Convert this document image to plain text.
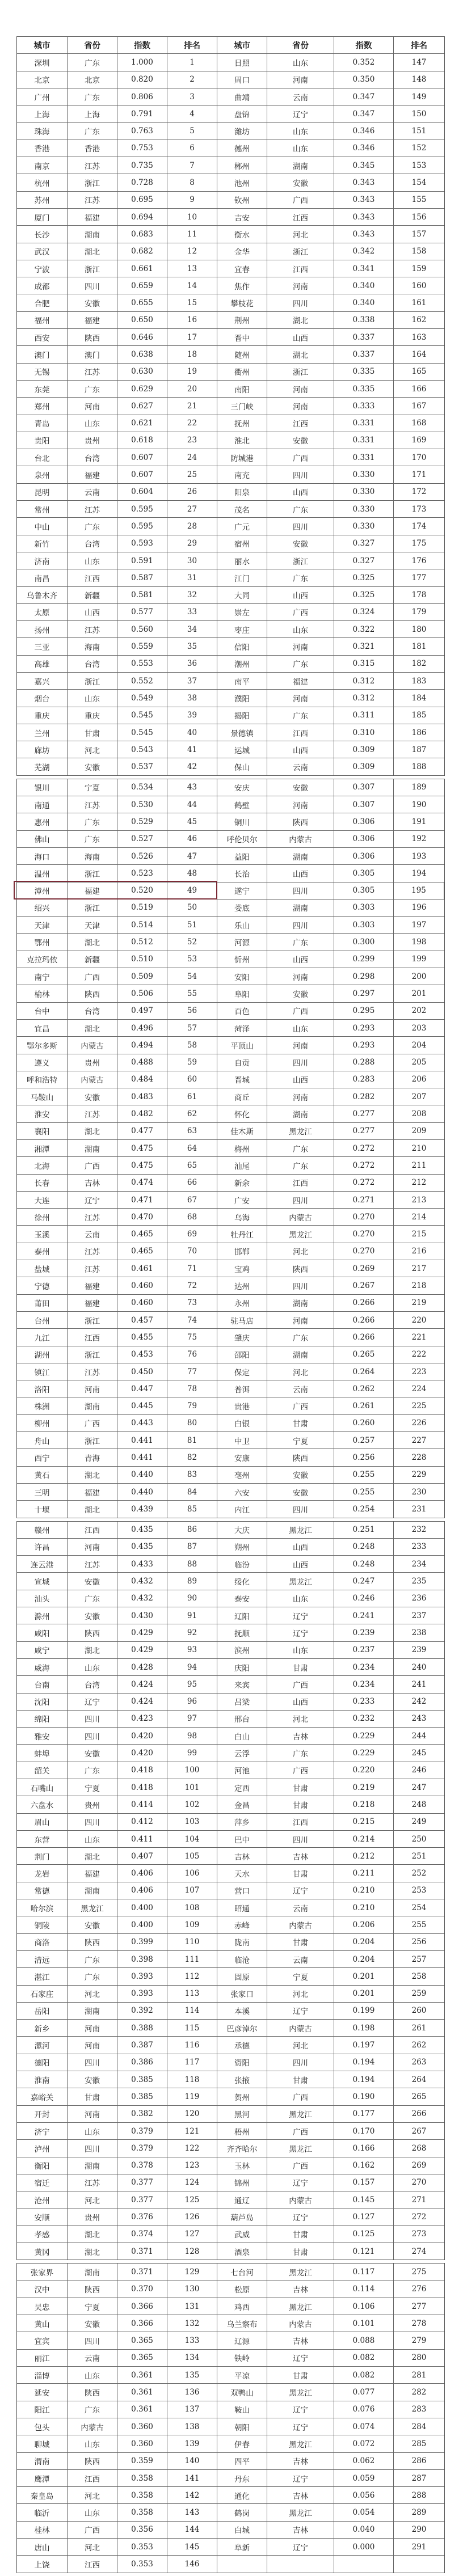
城市	省份	指数	排名	城市	省份	指数	排名
深圳	广东	1.000	1	日照	山东	0.352	147
北京	北京	0.820	2	周口	河南	0.350	148
广州	广东	0.806	3	曲靖	云南	0.347	149
上海	上海	0.791	4	盘锦	辽宁	0.347	150
珠海	广东	0.763	5	潍坊	山东	0.346	151
香港	香港	0.753	6	德州	山东	0.346	152
南京	江苏	0.735	7	郴州	湖南	0.345	153
杭州	浙江	0.728	8	池州	安徽	0.343	154
苏州	江苏	0.695	9	钦州	广西	0.343	155
厦门	福建	0.694	10	吉安	江西	0.343	156
长沙	湖南	0.683	11	衡水	河北	0.343	157
武汉	湖北	0.682	12	金华	浙江	0.342	158
宁波	浙江	0.661	13	宜春	江西	0.341	159
成都	四川	0.659	14	焦作	河南	0.340	160
合肥	安徽	0.655	15	攀枝花	四川	0.340	161
福州	福建	0.650	16	荆州	湖北	0.338	162
西安	陕西	0.646	17	晋中	山西	0.337	163
澳门	澳门	0.638	18	随州	湖北	0.337	164
无锡	江苏	0.630	19	衢州	浙江	0.335	165
东莞	广东	0.629	20	南阳	河南	0.335	166
郑州	河南	0.627	21	三门峡	河南	0.333	167
青岛	山东	0.621	22	抚州	江西	0.331	168
贵阳	贵州	0.618	23	淮北	安徽	0.331	169
台北	台湾	0.607	24	防城港	广西	0.331	170
泉州	福建	0.607	25	南充	四川	0.330	171
昆明	云南	0.604	26	阳泉	山西	0.330	172
常州	江苏	0.595	27	茂名	广东	0.330	173
中山	广东	0.595	28	广元	四川	0.330	174
新竹	台湾	0.593	29	宿州	安徽	0.327	175
济南	山东	0.591	30	丽水	浙江	0.327	176
南昌	江西	0.587	31	江门	广东	0.325	177
乌鲁木齐	新疆	0.581	32	大同	山西	0.325	178
太原	山西	0.577	33	崇左	广西	0.324	179
扬州	江苏	0.560	34	枣庄	山东	0.322	180
三亚	海南	0.559	35	信阳	河南	0.321	181
高雄	台湾	0.553	36	潮州	广东	0.315	182
嘉兴	浙江	0.552	37	南平	福建	0.312	183
烟台	山东	0.549	38	濮阳	河南	0.312	184
重庆	重庆	0.545	39	揭阳	广东	0.311	185
兰州	甘肃	0.545	40	景德镇	江西	0.310	186
廊坊	河北	0.543	41	运城	山西	0.309	187
芜湖	安徽	0.537	42	保山	云南	0.309	188
银川	宁夏	0.534	43	安庆	安徽	0.307	189
南通	江苏	0.530	44	鹤壁	河南	0.307	190
惠州	广东	0.529	45	铜川	陕西	0.306	191
佛山	广东	0.527	46	呼伦贝尔	内蒙古	0.306	192
海口	海南	0.526	47	益阳	湖南	0.306	193
温州	浙江	0.523	48	长治	山西	0.305	194
漳州	福建	0.520	49	遂宁	四川	0.305	195
绍兴	浙江	0.519	50	娄底	湖南	0.303	196
天津	天津	0.514	51	乐山	四川	0.303	197
鄂州	湖北	0.512	52	河源	广东	0.300	198
克拉玛依	新疆	0.510	53	忻州	山西	0.299	199
南宁	广西	0.509	54	安阳	河南	0.298	200
榆林	陕西	0.506	55	阜阳	安徽	0.297	201
台中	台湾	0.497	56	百色	广西	0.295	202
宜昌	湖北	0.496	57	菏泽	山东	0.293	203
鄂尔多斯	内蒙古	0.494	58	平顶山	河南	0.293	204
遵义	贵州	0.488	59	自贡	四川	0.288	205
呼和浩特	内蒙古	0.484	60	晋城	山西	0.283	206
马鞍山	安徽	0.483	61	商丘	河南	0.282	207
淮安	江苏	0.482	62	怀化	湖南	0.277	208
襄阳	湖北	0.477	63	佳木斯	黑龙江	0.277	209
湘潭	湖南	0.475	64	梅州	广东	0.272	210
北海	广西	0.475	65	汕尾	广东	0.272	211
长春	吉林	0.474	66	新余	江西	0.272	212
大连	辽宁	0.471	67	广安	四川	0.271	213
徐州	江苏	0.470	68	乌海	内蒙古	0.270	214
玉溪	云南	0.465	69	牡丹江	黑龙江	0.270	215
泰州	江苏	0.465	70	邯郸	河北	0.270	216
盐城	江苏	0.461	71	宝鸡	陕西	0.269	217
宁德	福建	0.460	72	达州	四川	0.267	218
莆田	福建	0.460	73	永州	湖南	0.266	219
台州	浙江	0.457	74	驻马店	河南	0.266	220
九江	江西	0.455	75	肇庆	广东	0.266	221
湖州	浙江	0.453	76	邵阳	湖南	0.265	222
镇江	江苏	0.450	77	保定	河北	0.264	223
洛阳	河南	0.447	78	普洱	云南	0.262	224
株洲	湖南	0.445	79	贵港	广西	0.261	225
柳州	广西	0.443	80	白银	甘肃	0.260	226
舟山	浙江	0.441	81	中卫	宁夏	0.257	227
西宁	青海	0.441	82	安康	陕西	0.256	228
黄石	湖北	0.440	83	亳州	安徽	0.255	229
三明	福建	0.440	84	六安	安徽	0.255	230
十堰	湖北	0.439	85	内江	四川	0.254	231
赣州	江西	0.435	86	大庆	黑龙江	0.251	232
许昌	河南	0.435	87	朔州	山西	0.248	233
连云港	江苏	0.433	88	临汾	山西	0.248	234
宣城	安徽	0.432	89	绥化	黑龙江	0.247	235
汕头	广东	0.432	90	泰安	山东	0.246	236
滁州	安徽	0.430	91	辽阳	辽宁	0.241	237
咸阳	陕西	0.429	92	抚顺	辽宁	0.239	238
咸宁	湖北	0.429	93	滨州	山东	0.237	239
威海	山东	0.428	94	庆阳	甘肃	0.234	240
台南	台湾	0.424	95	来宾	广西	0.234	241
沈阳	辽宁	0.424	96	吕梁	山西	0.233	242
绵阳	四川	0.423	97	邢台	河北	0.232	243
雅安	四川	0.420	98	白山	吉林	0.229	244
蚌埠	安徽	0.420	99	云浮	广东	0.229	245
韶关	广东	0.418	100	河池	广西	0.220	246
石嘴山	宁夏	0.418	101	定西	甘肃	0.219	247
六盘水	贵州	0.414	102	金昌	甘肃	0.218	248
眉山	四川	0.412	103	萍乡	江西	0.215	249
东营	山东	0.411	104	巴中	四川	0.214	250
荆门	湖北	0.407	105	吉林	吉林	0.212	251
龙岩	福建	0.406	106	天水	甘肃	0.211	252
常德	湖南	0.406	107	营口	辽宁	0.210	253
哈尔滨	黑龙江	0.400	108	昭通	云南	0.210	254
铜陵	安徽	0.400	109	赤峰	内蒙古	0.206	255
商洛	陕西	0.399	110	陇南	甘肃	0.204	256
清远	广东	0.398	111	临沧	云南	0.204	257
湛江	广东	0.393	112	固原	宁夏	0.201	258
石家庄	河北	0.393	113	张家口	河北	0.201	259
岳阳	湖南	0.392	114	本溪	辽宁	0.199	260
新乡	河南	0.388	115	巴彦淖尔	内蒙古	0.198	261
漯河	河南	0.387	116	承德	河北	0.197	262
德阳	四川	0.386	117	资阳	四川	0.194	263
淮南	安徽	0.385	118	张掖	甘肃	0.194	264
嘉峪关	甘肃	0.385	119	贺州	广西	0.190	265
开封	河南	0.382	120	黑河	黑龙江	0.177	266
济宁	山东	0.379	121	梧州	广西	0.170	267
泸州	四川	0.379	122	齐齐哈尔	黑龙江	0.166	268
衡阳	湖南	0.378	123	玉林	广西	0.162	269
宿迁	江苏	0.377	124	锦州	辽宁	0.157	270
沧州	河北	0.377	125	通辽	内蒙古	0.145	271
安顺	贵州	0.376	126	葫芦岛	辽宁	0.127	272
孝感	湖北	0.374	127	武威	甘肃	0.125	273
黄冈	湖北	0.371	128	酒泉	甘肃	0.121	274
张家界	湖南	0.371	129	七台河	黑龙江	0.117	275
汉中	陕西	0.370	130	松原	吉林	0.114	276
吴忠	宁夏	0.366	131	鸡西	黑龙江	0.106	277
黄山	安徽	0.366	132	乌兰察布	内蒙古	0.101	278
宜宾	四川	0.365	133	辽源	吉林	0.088	279
丽江	云南	0.365	134	铁岭	辽宁	0.082	280
淄博	山东	0.361	135	平凉	甘肃	0.082	281
延安	陕西	0.361	136	双鸭山	黑龙江	0.077	282
阳江	广东	0.361	137	鞍山	辽宁	0.076	283
包头	内蒙古	0.360	138	朝阳	辽宁	0.074	284
聊城	山东	0.360	139	伊春	黑龙江	0.072	285
渭南	陕西	0.359	140	四平	吉林	0.062	286
鹰潭	江西	0.358	141	丹东	辽宁	0.059	287
秦皇岛	河北	0.358	142	通化	吉林	0.056	288
临沂	山东	0.358	143	鹤岗	黑龙江	0.054	289
桂林	广西	0.356	144	白城	吉林	0.040	290
唐山	河北	0.353	145	阜新	辽宁	0.000	291
上饶	江西	0.353	146
